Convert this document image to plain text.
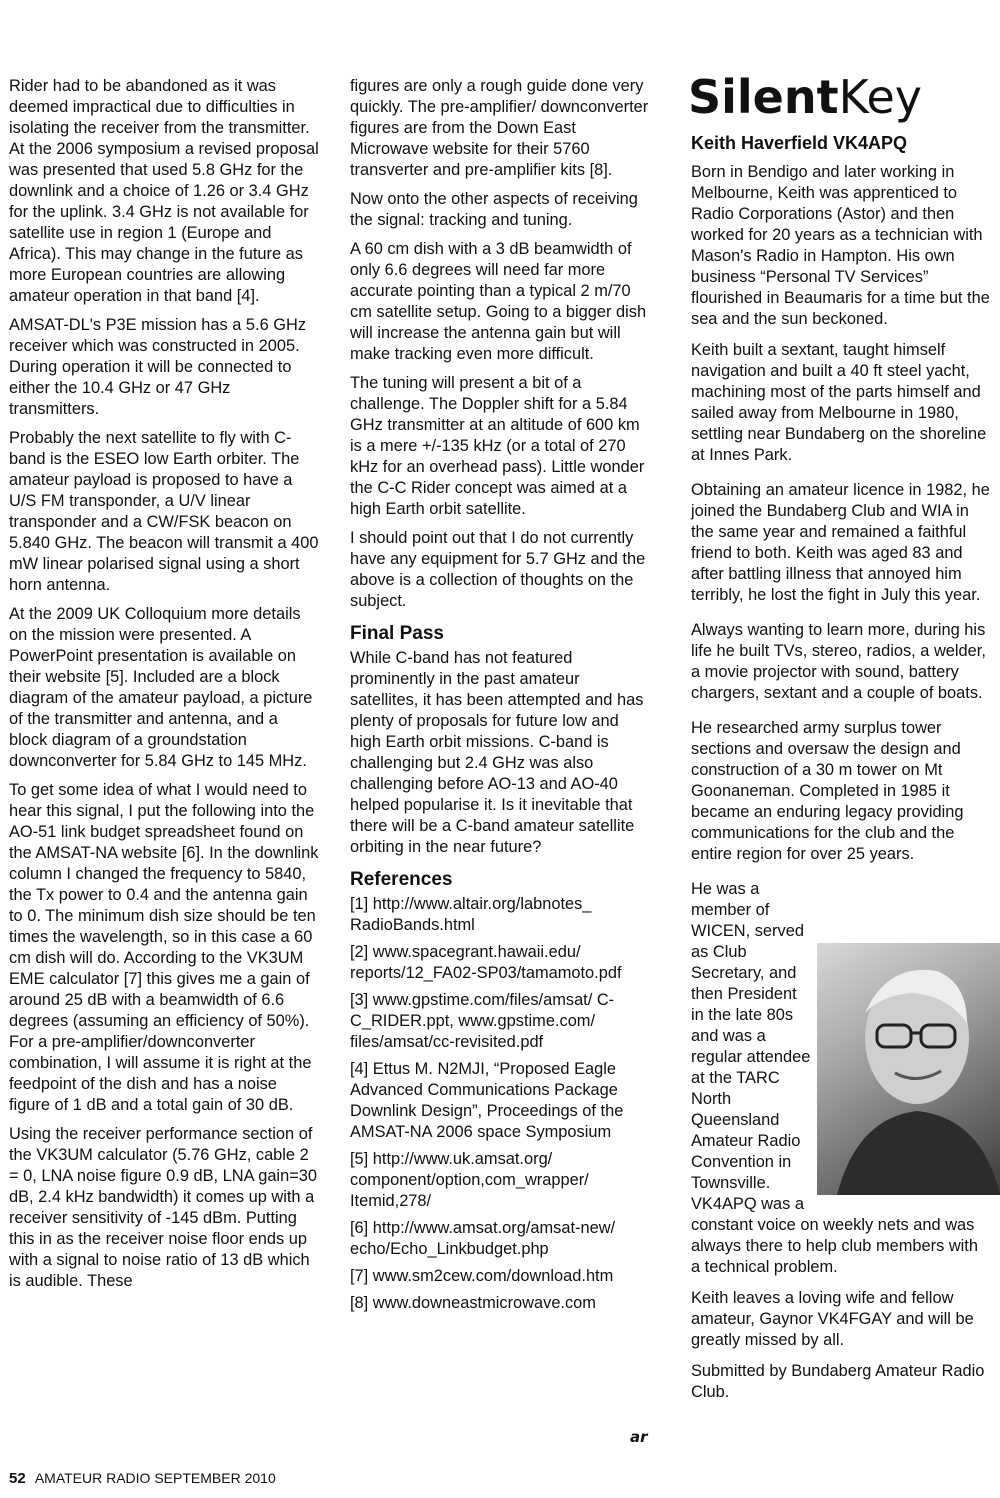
Rider had to be abandoned as it was deemed impractical due to difficulties in isolating the receiver from the transmitter. At the 2006 symposium a revised proposal was presented that used 5.8 GHz for the downlink and a choice of 1.26 or 3.4 GHz for the uplink. 3.4 GHz is not available for satellite use in region 1 (Europe and Africa). This may change in the future as more European countries are allowing amateur operation in that band [4].

AMSAT-DL's P3E mission has a 5.6 GHz receiver which was constructed in 2005. During operation it will be connected to either the 10.4 GHz or 47 GHz transmitters.

Probably the next satellite to fly with C-band is the ESEO low Earth orbiter. The amateur payload is proposed to have a U/S FM transponder, a U/V linear transponder and a CW/FSK beacon on 5.840 GHz. The beacon will transmit a 400 mW linear polarised signal using a short horn antenna.

At the 2009 UK Colloquium more details on the mission were presented. A PowerPoint presentation is available on their website [5]. Included are a block diagram of the amateur payload, a picture of the transmitter and antenna, and a block diagram of a groundstation downconverter for 5.84 GHz to 145 MHz.

To get some idea of what I would need to hear this signal, I put the following into the AO-51 link budget spreadsheet found on the AMSAT-NA website [6]. In the downlink column I changed the frequency to 5840, the Tx power to 0.4 and the antenna gain to 0. The minimum dish size should be ten times the wavelength, so in this case a 60 cm dish will do. According to the VK3UM EME calculator [7] this gives me a gain of around 25 dB with a beamwidth of 6.6 degrees (assuming an efficiency of 50%). For a pre-amplifier/downconverter combination, I will assume it is right at the feedpoint of the dish and has a noise figure of 1 dB and a total gain of 30 dB.

Using the receiver performance section of the VK3UM calculator (5.76 GHz, cable 2 = 0, LNA noise figure 0.9 dB, LNA gain=30 dB, 2.4 kHz bandwidth) it comes up with a receiver sensitivity of -145 dBm. Putting this in as the receiver noise floor ends up with a signal to noise ratio of 13 dB which is audible. These

figures are only a rough guide done very quickly. The pre-amplifier/ downconverter figures are from the Down East Microwave website for their 5760 transverter and pre-amplifier kits [8].

Now onto the other aspects of receiving the signal: tracking and tuning.

A 60 cm dish with a 3 dB beamwidth of only 6.6 degrees will need far more accurate pointing than a typical 2 m/70 cm satellite setup. Going to a bigger dish will increase the antenna gain but will make tracking even more difficult.

The tuning will present a bit of a challenge. The Doppler shift for a 5.84 GHz transmitter at an altitude of 600 km is a mere +/-135 kHz (or a total of 270 kHz for an overhead pass). Little wonder the C-C Rider concept was aimed at a high Earth orbit satellite.

I should point out that I do not currently have any equipment for 5.7 GHz and the above is a collection of thoughts on the subject.

Final Pass

While C-band has not featured prominently in the past amateur satellites, it has been attempted and has plenty of proposals for future low and high Earth orbit missions. C-band is challenging but 2.4 GHz was also challenging before AO-13 and AO-40 helped popularise it. Is it inevitable that there will be a C-band amateur satellite orbiting in the near future?

References

[1] http://www.altair.org/labnotes_ RadioBands.html

[2] www.spacegrant.hawaii.edu/ reports/12_FA02-SP03/tamamoto.pdf

[3] www.gpstime.com/files/amsat/ C-C_RIDER.ppt, www.gpstime.com/ files/amsat/cc-revisited.pdf

[4] Ettus M. N2MJI, “Proposed Eagle Advanced Communications Package Downlink Design”, Proceedings of the AMSAT-NA 2006 space Symposium

[5] http://www.uk.amsat.org/ component/option,com_wrapper/ Itemid,278/

[6] http://www.amsat.org/amsat-new/ echo/Echo_Linkbudget.php

[7] www.sm2cew.com/download.htm

[8] www.downeastmicrowave.com

SilentKey

Keith Haverfield VK4APQ

Born in Bendigo and later working in Melbourne, Keith was apprenticed to Radio Corporations (Astor) and then worked for 20 years as a technician with Mason's Radio in Hampton. His own business “Personal TV Services” flourished in Beaumaris for a time but the sea and the sun beckoned.

Keith built a sextant, taught himself navigation and built a 40 ft steel yacht, machining most of the parts himself and sailed away from Melbourne in 1980, settling near Bundaberg on the shoreline at Innes Park.

Obtaining an amateur licence in 1982, he joined the Bundaberg Club and WIA in the same year and remained a faithful friend to both. Keith was aged 83 and after battling illness that annoyed him terribly, he lost the fight in July this year.

Always wanting to learn more, during his life he built TVs, stereo, radios, a welder, a movie projector with sound, battery chargers, sextant and a couple of boats.

He researched army surplus tower sections and oversaw the design and construction of a 30 m tower on Mt Goonaneman. Completed in 1985 it became an enduring legacy providing communications for the club and the entire region for over 25 years.

He was a member of WICEN, served as Club Secretary, and then President in the late 80s and was a regular attendee at the TARC North Queensland Amateur Radio Convention in Townsville. VK4APQ was a constant voice on weekly nets and was always there to help club members with a technical problem.

Keith leaves a loving wife and fellow amateur, Gaynor VK4FGAY and will be greatly missed by all.

Submitted by Bundaberg Amateur Radio Club.

ar
52 AMATEUR RADIO SEPTEMBER 2010
